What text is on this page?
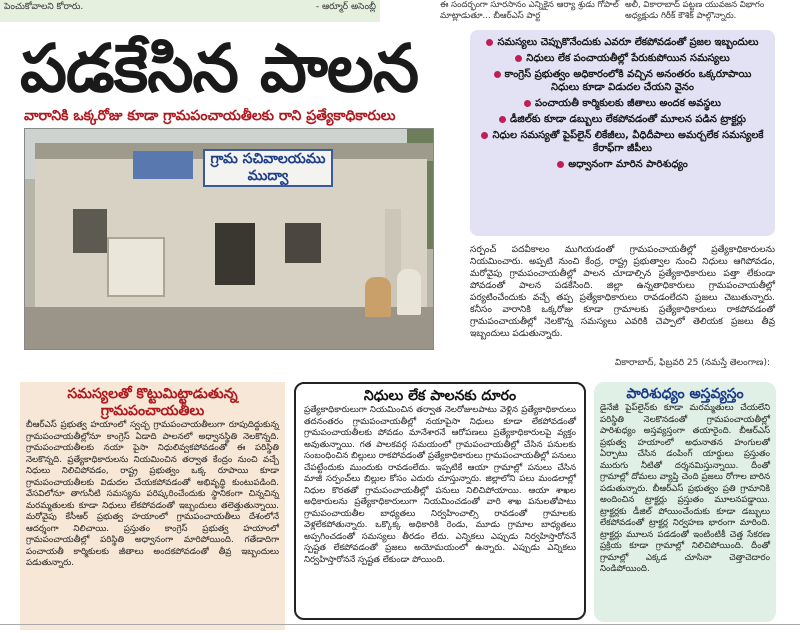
పెంచుకోవాలని కోరారు.	- ఆర్మూర్ అసెంబ్లీ	ఈ సందర్భంగా సూరసానం ఎన్నికైన ఆర్యా శ్రుడు గోపాల్ మాట్లాడుతూ... బీఆర్ఎస్ పార్ట
అలీ, వికారాబాద్ పట్టణ యువజన విభాగం అధ్యక్షుడు గిరీక్ కౌశిక్ పాల్గొన్నారు.
పడకేసిన పాలన
వారానికి ఒక్కరోజు కూడా గ్రామపంచాయతీలకు రాని ప్రత్యేకాధికారులు
గ్రామ సచివాలయము
ముద్వా
సమస్యలు చెప్పుకొనేందుకు ఎవరూ లేకపోవడంతో ప్రజల ఇబ్బందులు
నిధులు లేక పంచాయతీల్లో పేరుకుపోయిన సమస్యలు
కాంగ్రెస్ ప్రభుత్వం అధికారంలోకి వచ్చిన అనంతరం ఒక్కరూపాయి నిధులు కూడా విడుదల చేయని వైనం
పంచాయతీ కార్మికులకు జీతాలు అందక అవస్థలు
డీజిల్‌కు కూడా డబ్బులు లేకపోవడంతో మూలన పడిన ట్రాక్టర్లు
నిధుల సమస్యతో పైప్‌లైన్ లికేజీలు, వీధిదీపాలు అమర్చలేక సమస్యలకే కేరాఫ్‌గా జీపీలు
అధ్వానంగా మారిన పారిశుధ్యం
సర్పంచ్ పదవీకాలం ముగియడంతో గ్రామపంచాయతీల్లో ప్రత్యేకాధికారులను నియమించారు. అప్పటి నుంచి కేంద్ర, రాష్ట్ర ప్రభుత్వాల నుంచి నిధులు ఆగిపోవడం, మరోవైపు గ్రామపంచాయతీల్లో పాలన చూడాల్సిన ప్రత్యేకాధికారులు పత్తా లేకుండా పోవడంతో పాలన పడకేసింది. జిల్లా ఉన్నతాధికారులు గ్రామపంచాయతీల్లో పర్యటించేందుకు వచ్చే తప్ప ప్రత్యేకాధికారులు రావడంలేదని ప్రజలు చెబుతున్నారు. కనీసం వారానికి ఒక్కరోజు కూడా గ్రామాలకు ప్రత్యేకాధికారులు రాకపోవడంతో గ్రామపంచాయతీల్లో నెలకొన్న సమస్యలు ఎవరికి చెప్పాలో తెలియక ప్రజలు తీవ్ర ఇబ్బందులు పడుతున్నారు.
వికారాబాద్, ఫిబ్రవరి 25 (నమస్తే తెలంగాణ):
సమస్యలతో కొట్టుమిట్టాడుతున్న గ్రామపంచాయతీలు
బీఆర్ఎస్ ప్రభుత్వ హయాంలో స్వచ్ఛ గ్రామపంచాయతీలుగా రూపుదిద్దుకున్న గ్రామపంచాయతీల్లోనూ కాంగ్రెస్ ఏడాది పాలనలో అధ్వానస్థితి నెలకొన్నది. గ్రామపంచాయతీలకు నయా పైసా నిధులివ్వకపోవడంతో ఈ పరిస్థితి నెలకొన్నది. ప్రత్యేకాధికారులను నియమించిన తర్వాత కేంద్రం నుంచి వచ్చే నిధులు నిలిచిపోవడం, రాష్ట్ర ప్రభుత్వం ఒక్క రూపాయి కూడా గ్రామపంచాయతీలకు విడుదల చేయకపోవడంతో అభివృద్ధి కుంటుపడింది. వేసవిలోనూ తాగునీటి సమస్యను పరిష్కరించేందుకు స్థానికంగా చిన్నచిన్న మరమ్మతులకు కూడా నిధులు లేకపోవడంతో ఇబ్బందులు తలెత్తుతున్నాయి. మరోవైపు కేసీఆర్ ప్రభుత్వ హయాంలో గ్రామపంచాయతీలు దేశంలోనే ఆదర్శంగా నిలిచాయి. ప్రస్తుతం కాంగ్రెస్ ప్రభుత్వ హయాంలో గ్రామపంచాయతీల్లో పరిస్థితి అధ్వానంగా మారిపోయింది. గతేడాదిగా పంచాయతీ కార్మికులకు జీతాలు అందకపోవడంతో తీవ్ర ఇబ్బందులు పడుతున్నారు.
నిధులు లేక పాలనకు దూరం
ప్రత్యేకాధికారులుగా నియమించిన తర్వాత నెలరోజులపాటు వెళ్లిన ప్రత్యేకాధికారులు తదనంతరం గ్రామపంచాయతీల్లో నయాపైసా నిధులు కూడా లేకపోవడంతో గ్రామపంచాయతీలకు పోవడం మానేశారనే ఆరోపణలు ప్రత్యేకాధికారులపై వ్యక్తం అవుతున్నాయి. గత పాలకవర్గ సమయంలో గ్రామపంచాయతీల్లో చేసిన పనులకు సంబంధించిన బిల్లులు రాకపోవడంతో ప్రత్యేకాధికారులు గ్రామపంచాయతీల్లో పనులు చేపట్టేందుకు ముందుకు రావడంలేదు. ఇప్పటికే ఆయా గ్రామాల్లో పనులు చేసిన మాజీ సర్పంచ్‌లు బిల్లుల కోసం ఎదురు చూస్తున్నారు. జిల్లాలోని పలు మండలాల్లో నిధుల కొరతతో గ్రామపంచాయతీల్లో పనులు నిలిచిపోయాయి. ఆయా శాఖల అధికారులను ప్రత్యేకాధికారులుగా నియమించడంతో వారి శాఖ పనులతోపాటు గ్రామపంచాయతీల బాధ్యతలు నిర్వహించాల్సి రావడంతో గ్రామాలకు వెళ్లలేకపోతున్నారు. ఒక్కొక్క అధికారికి రెండు, మూడు గ్రామాల బాధ్యతలు అప్పగించడంతో సమస్యలు తీరడం లేదు. ఎన్నికలు ఎప్పుడు నిర్వహిస్తారోననే స్పష్టత లేకపోవడంతో ప్రజలు అయోమయంలో ఉన్నారు. ఎప్పుడు ఎన్నికలు నిర్వహిస్తారోననే స్పష్టత లేకుండా పోయింది.
పారిశుధ్యం అస్తవ్యస్తం
డైనేజీ పైప్‌లైన్‌కు కూడా మరమ్మతులు చేయలేని పరిస్థితి నెలకొనడంతో గ్రామపంచాయతీల్లో పారిశుధ్యం అస్తవ్యస్తంగా తయారైంది. బీఆర్ఎస్ ప్రభుత్వ హయాంలో అధునాతన హంగులతో ఏర్పాటు చేసిన డంపింగ్ యార్డులు ప్రస్తుతం మురుగు నీటితో దర్శనమిస్తున్నాయి. దీంతో గ్రామాల్లో దోమలు వ్యాప్తి చెంది ప్రజలు రోగాల బారిన పడుతున్నారు. బీఆర్ఎస్ ప్రభుత్వం ప్రతి గ్రామానికి అందించిన ట్రాక్టర్లు ప్రస్తుతం మూలనపడ్డాయి. ట్రాక్టర్లకు డీజిల్ పోయించేందుకు కూడా డబ్బులు లేకపోవడంతో ట్రాక్టర్ల నిర్వహణ భారంగా మారింది. ట్రాక్టర్లు మూలన పడడంతో ఇంటింటికీ చెత్త సేకరణ ప్రక్రియ కూడా గ్రామాల్లో నిలిచిపోయింది. దీంతో గ్రామాల్లో ఎక్కడ చూసినా చెత్తాచెదారం నిండిపోయింది.
